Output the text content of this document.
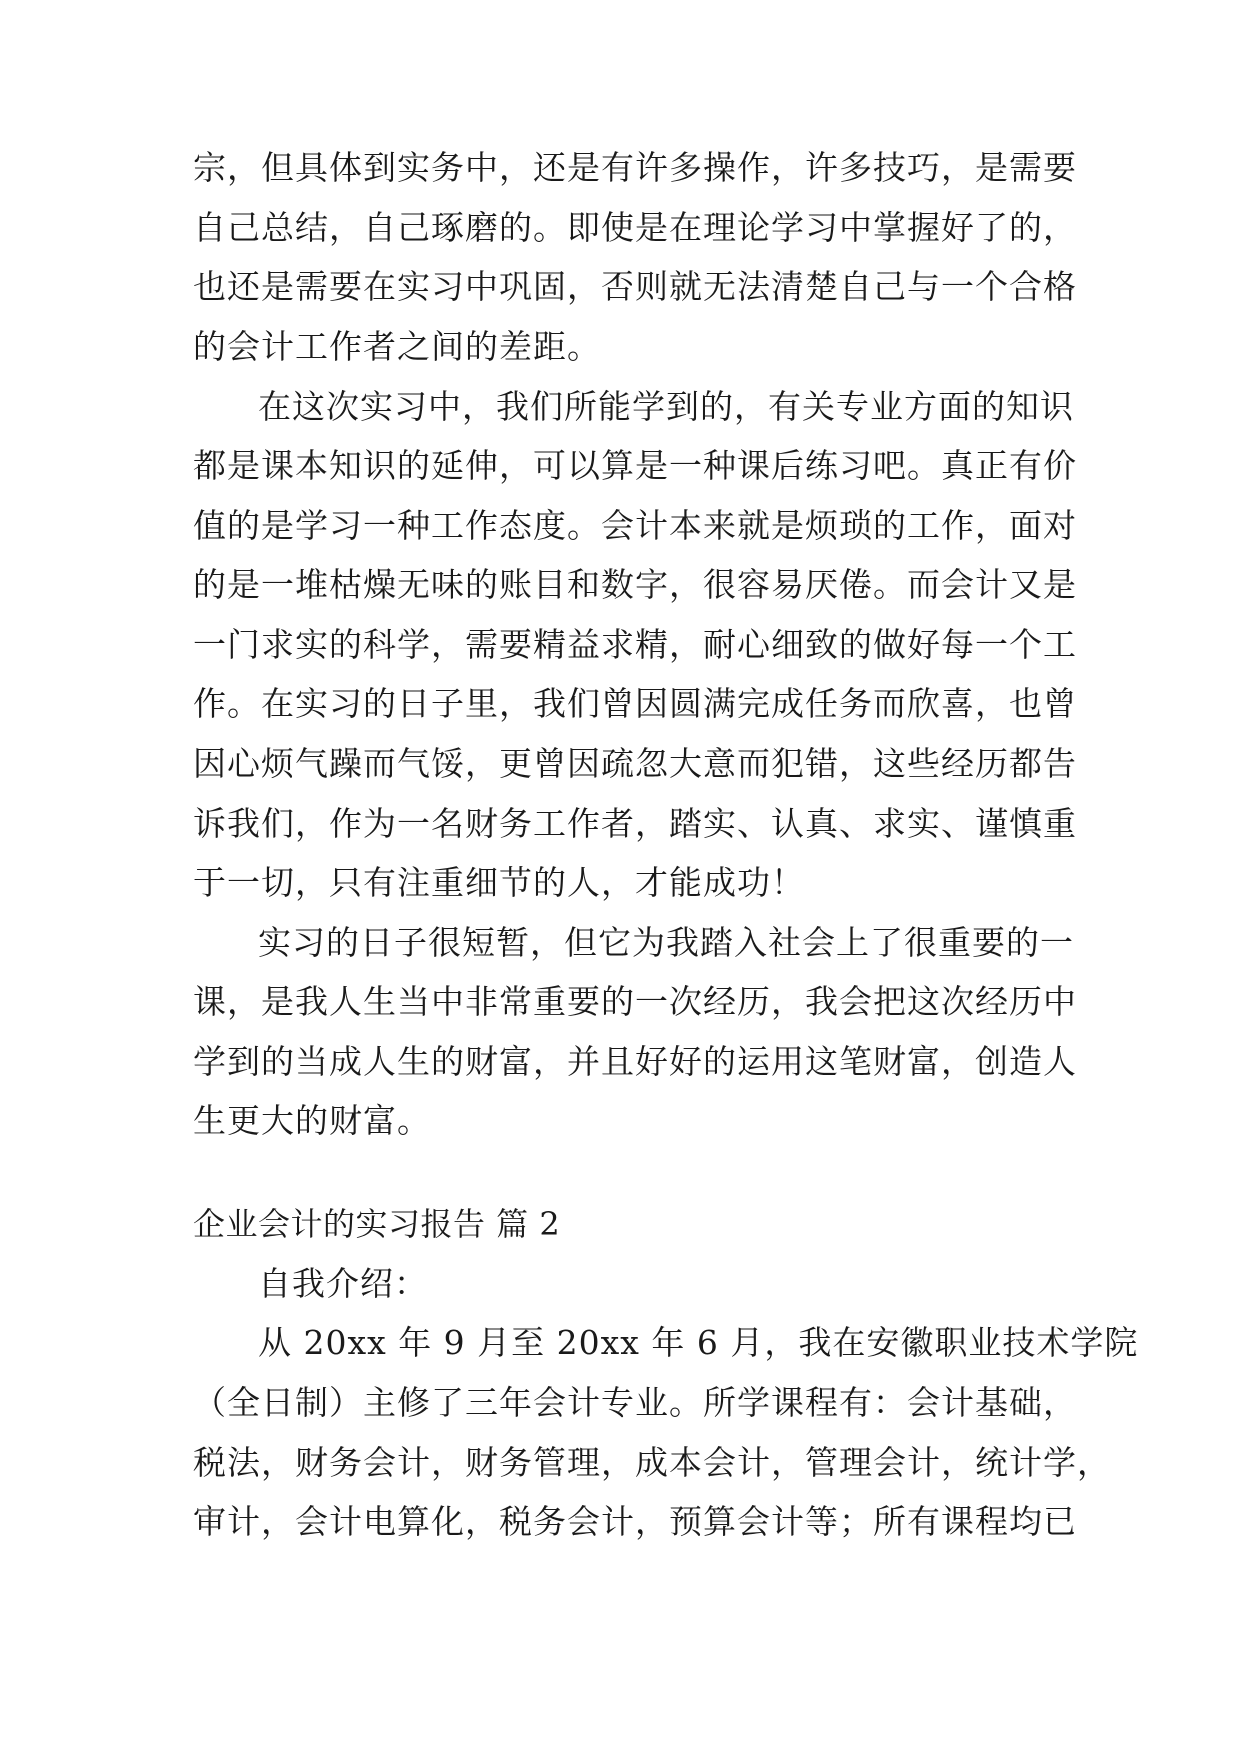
宗，但具体到实务中，还是有许多操作，许多技巧，是需要
自己总结，自己琢磨的。即使是在理论学习中掌握好了的，
也还是需要在实习中巩固，否则就无法清楚自己与一个合格
的会计工作者之间的差距。
在这次实习中，我们所能学到的，有关专业方面的知识
都是课本知识的延伸，可以算是一种课后练习吧。真正有价
值的是学习一种工作态度。会计本来就是烦琐的工作，面对
的是一堆枯燥无味的账目和数字，很容易厌倦。而会计又是
一门求实的科学，需要精益求精，耐心细致的做好每一个工
作。在实习的日子里，我们曾因圆满完成任务而欣喜，也曾
因心烦气躁而气馁，更曾因疏忽大意而犯错，这些经历都告
诉我们，作为一名财务工作者，踏实、认真、求实、谨慎重
于一切，只有注重细节的人，才能成功！
实习的日子很短暂，但它为我踏入社会上了很重要的一
课，是我人生当中非常重要的一次经历，我会把这次经历中
学到的当成人生的财富，并且好好的运用这笔财富，创造人
生更大的财富。
企业会计的实习报告 篇 2
自我介绍：
从 20xx 年 9 月至 20xx 年 6 月，我在安徽职业技术学院
（全日制）主修了三年会计专业。所学课程有：会计基础，
税法，财务会计，财务管理，成本会计，管理会计，统计学，
审计，会计电算化，税务会计，预算会计等；所有课程均已
